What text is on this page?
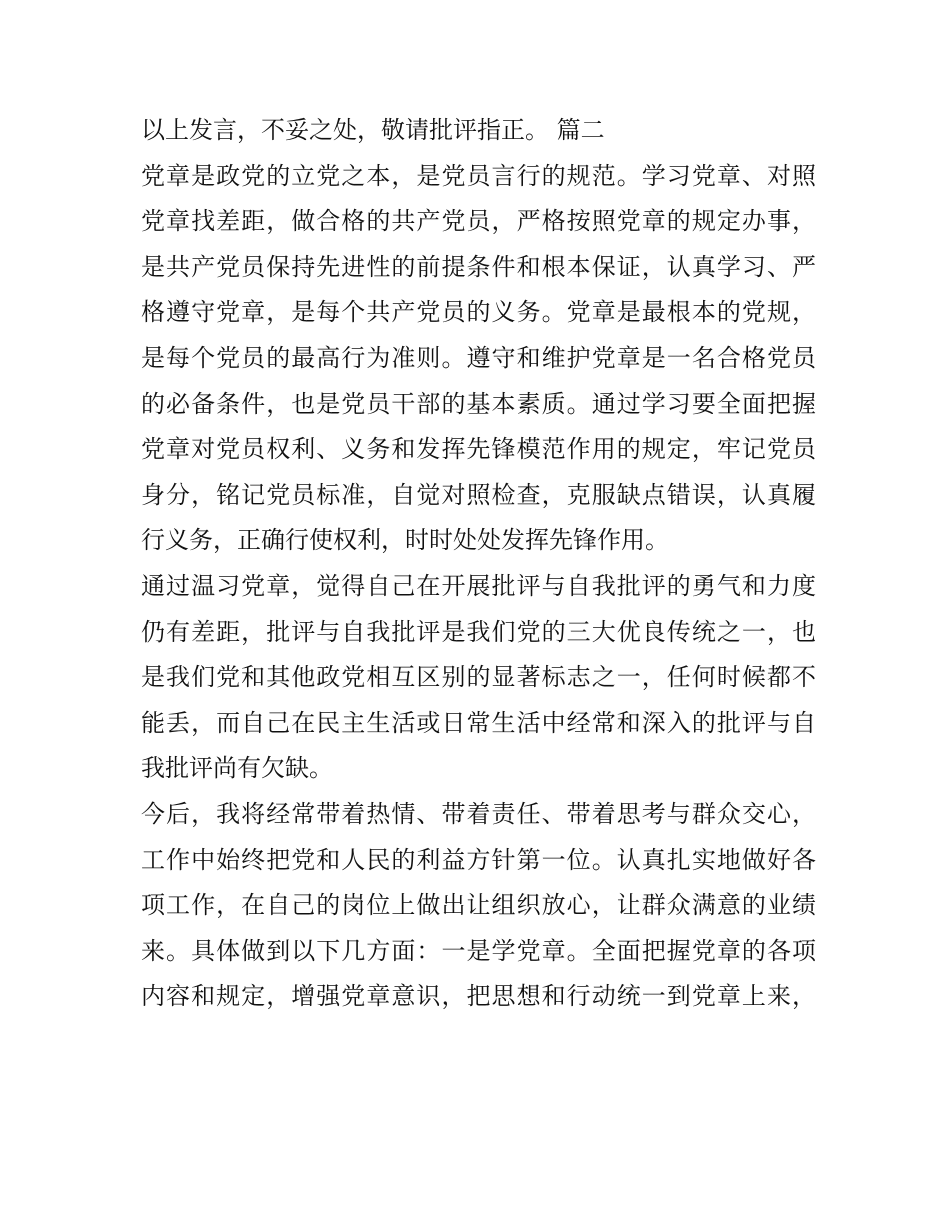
以上发言，不妥之处，敬请批评指正。 篇二
党章是政党的立党之本，是党员言行的规范。学习党章、对照
党章找差距，做合格的共产党员，严格按照党章的规定办事，
是共产党员保持先进性的前提条件和根本保证，认真学习、严
格遵守党章，是每个共产党员的义务。党章是最根本的党规，
是每个党员的最高行为准则。遵守和维护党章是一名合格党员
的必备条件，也是党员干部的基本素质。通过学习要全面把握
党章对党员权利、义务和发挥先锋模范作用的规定，牢记党员
身分，铭记党员标准，自觉对照检查，克服缺点错误，认真履
行义务，正确行使权利，时时处处发挥先锋作用。
通过温习党章，觉得自己在开展批评与自我批评的勇气和力度
仍有差距，批评与自我批评是我们党的三大优良传统之一，也
是我们党和其他政党相互区别的显著标志之一，任何时候都不
能丢，而自己在民主生活或日常生活中经常和深入的批评与自
我批评尚有欠缺。
今后，我将经常带着热情、带着责任、带着思考与群众交心，
工作中始终把党和人民的利益方针第一位。认真扎实地做好各
项工作，在自己的岗位上做出让组织放心，让群众满意的业绩
来。具体做到以下几方面：一是学党章。全面把握党章的各项
内容和规定，增强党章意识，把思想和行动统一到党章上来，
